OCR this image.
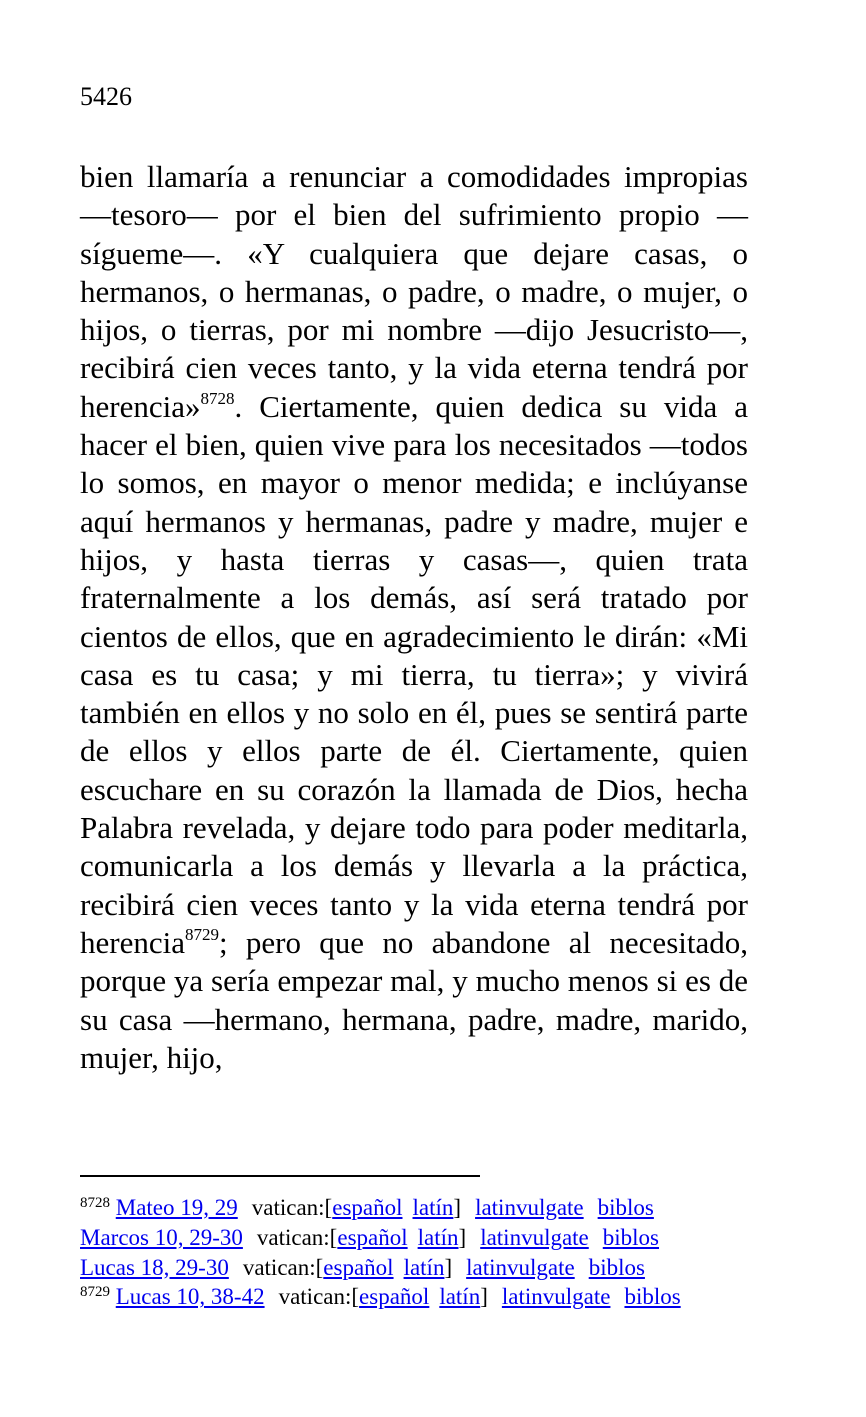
5426

bien llamaría a renunciar a comodidades impropias —tesoro— por el bien del sufrimiento propio —sígueme—. «Y cualquiera que dejare casas, o hermanos, o hermanas, o padre, o madre, o mujer, o hijos, o tierras, por mi nombre —dijo Jesucristo—, recibirá cien veces tanto, y la vida eterna tendrá por herencia»$^{8728}$. Ciertamente, quien dedica su vida a hacer el bien, quien vive para los necesitados —todos lo somos, en mayor o menor medida; e inclúyanse aquí hermanos y hermanas, padre y madre, mujer e hijos, y hasta tierras y casas—, quien trata fraternalmente a los demás, así será tratado por cientos de ellos, que en agradecimiento le dirán: «Mi casa es tu casa; y mi tierra, tu tierra»; y vivirá también en ellos y no solo en él, pues se sentirá parte de ellos y ellos parte de él. Ciertamente, quien escuchare en su corazón la llamada de Dios, hecha Palabra revelada, y dejare todo para poder meditarla, comunicarla a los demás y llevarla a la práctica, recibirá cien veces tanto y la vida eterna tendrá por herencia$^{8729}$; pero que no abandone al necesitado, porque ya sería empezar mal, y mucho menos si es de su casa —hermano, hermana, padre, madre, marido, mujer, hijo,

$^{8728}$ Mateo 19, 29 vatican:[español latín] latinvulgate biblos
Marcos 10, 29-30 vatican:[español latín] latinvulgate biblos
Lucas 18, 29-30 vatican:[español latín] latinvulgate biblos
$^{8729}$ Lucas 10, 38-42 vatican:[español latín] latinvulgate biblos
